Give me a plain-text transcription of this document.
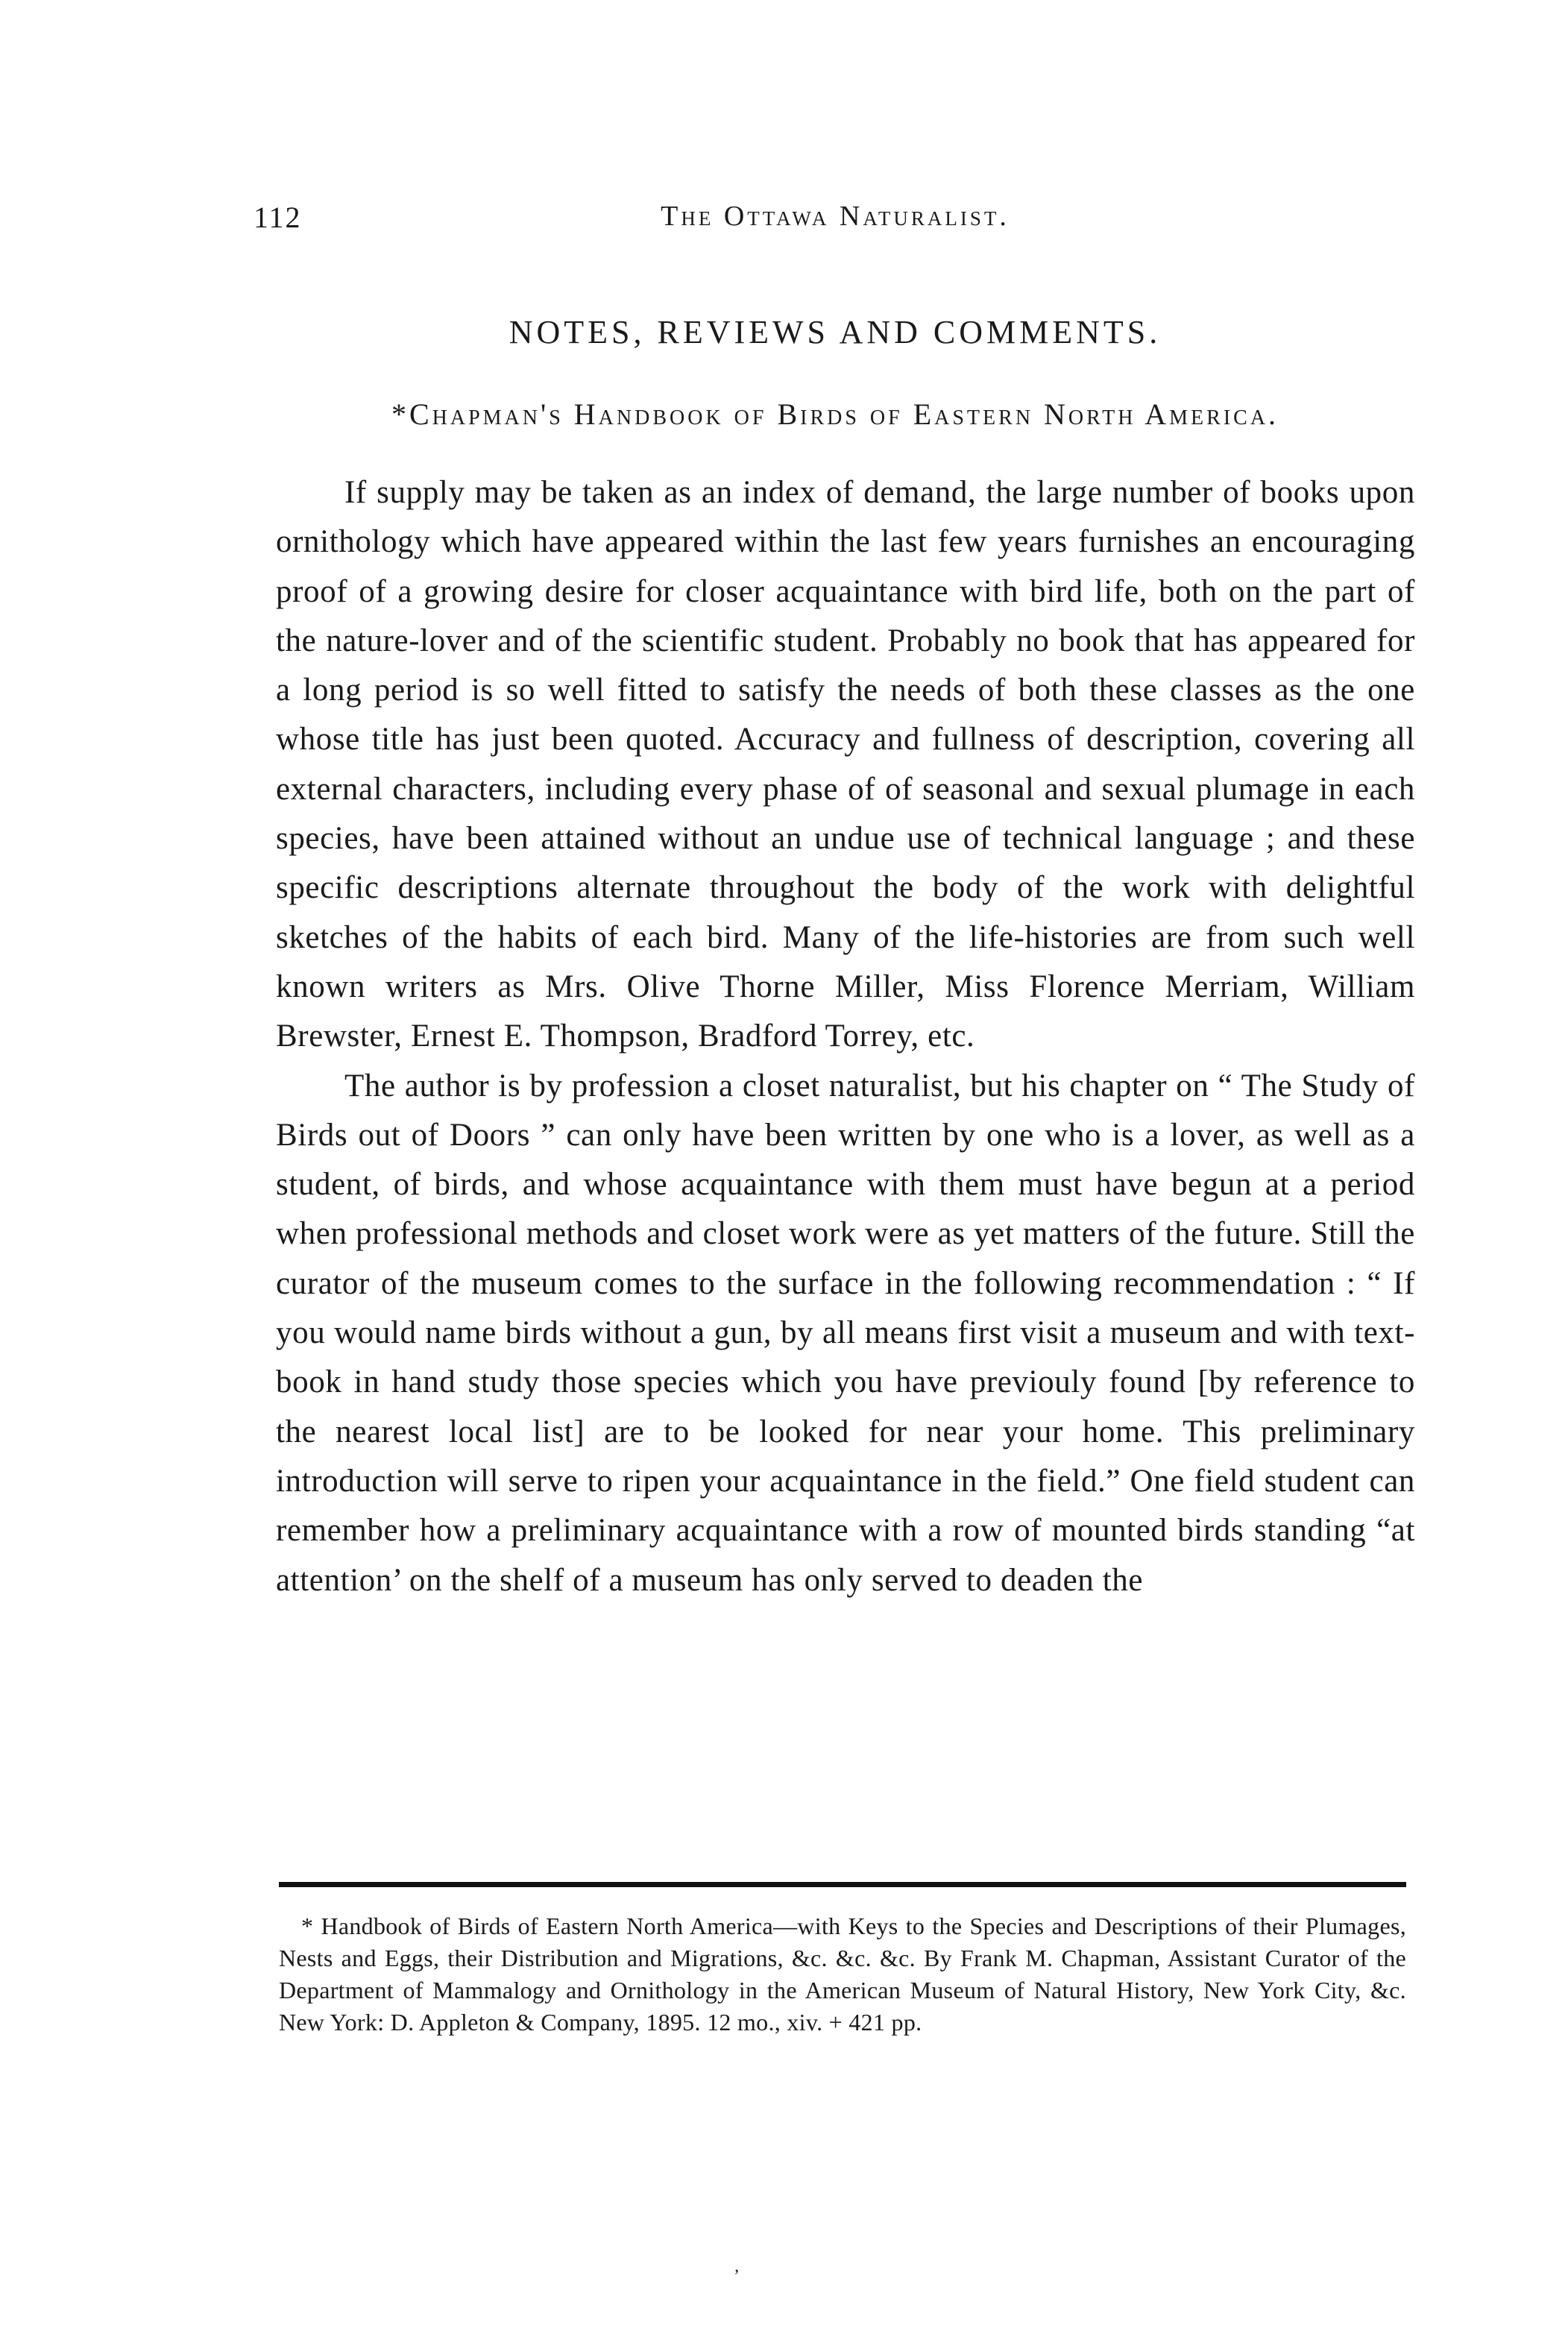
112	The Ottawa Naturalist.
NOTES, REVIEWS AND COMMENTS.
*Chapman's Handbook of Birds of Eastern North America.

If supply may be taken as an index of demand, the large number of books upon ornithology which have appeared within the last few years furnishes an encouraging proof of a growing desire for closer acquaintance with bird life, both on the part of the nature-lover and of the scientific student. Probably no book that has appeared for a long period is so well fitted to satisfy the needs of both these classes as the one whose title has just been quoted. Accuracy and fullness of description, covering all external characters, including every phase of of seasonal and sexual plumage in each species, have been attained without an undue use of technical language ; and these specific descriptions alternate throughout the body of the work with delightful sketches of the habits of each bird. Many of the life-histories are from such well known writers as Mrs. Olive Thorne Miller, Miss Florence Merriam, William Brewster, Ernest E. Thompson, Bradford Torrey, etc.

The author is by profession a closet naturalist, but his chapter on “ The Study of Birds out of Doors ” can only have been written by one who is a lover, as well as a student, of birds, and whose acquaintance with them must have begun at a period when professional methods and closet work were as yet matters of the future. Still the curator of the museum comes to the surface in the following recommendation : “ If you would name birds without a gun, by all means first visit a museum and with text-book in hand study those species which you have previouly found [by reference to the nearest local list] are to be looked for near your home. This preliminary introduction will serve to ripen your acquaintance in the field.” One field student can remember how a preliminary acquaintance with a row of mounted birds standing “at attention’ on the shelf of a museum has only served to deaden the

* Handbook of Birds of Eastern North America—with Keys to the Species and Descriptions of their Plumages, Nests and Eggs, their Distribution and Migrations, &c. &c. &c. By Frank M. Chapman, Assistant Curator of the Department of Mammalogy and Ornithology in the American Museum of Natural History, New York City, &c. New York: D. Appleton & Company, 1895. 12 mo., xiv. + 421 pp.

’
